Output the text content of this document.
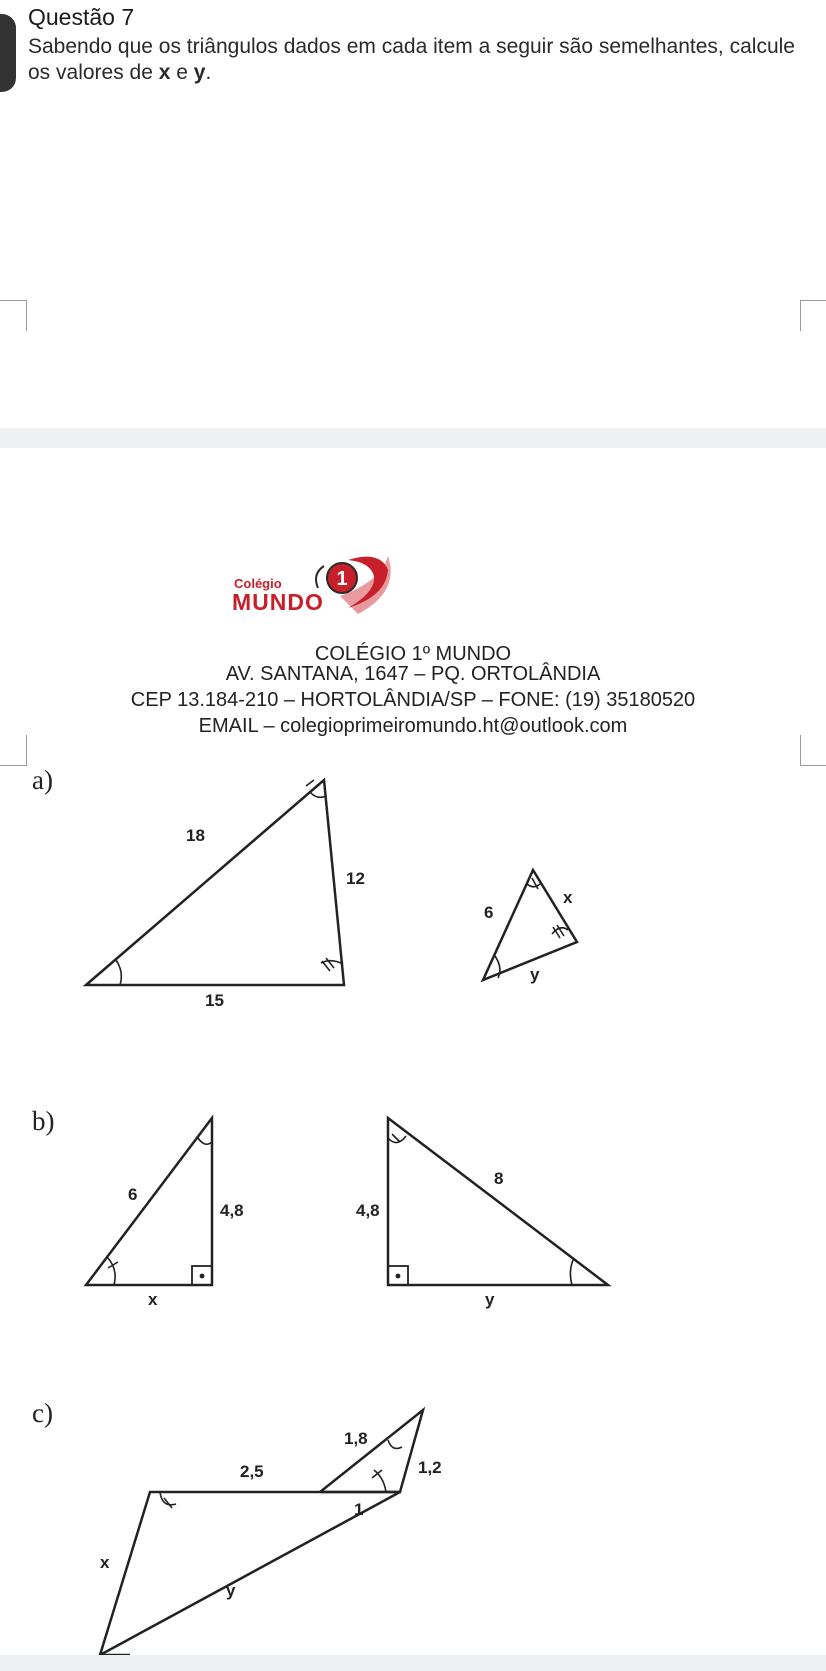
Questão 7
Sabendo que os triângulos dados em cada item a seguir são semelhantes, calcule os valores de x e y.
1
Colégio
MUNDO
COLÉGIO 1º MUNDO
AV. SANTANA, 1647 – PQ. ORTOLÂNDIA
CEP 13.184-210 – HORTOLÂNDIA/SP – FONE: (19) 35180520
EMAIL – colegioprimeiromundo.ht@outlook.com
a)
b)
c)
18
12
15
6
x
y
6
4,8
x
8
4,8
y
1,8
2,5	1,2
1
x
y
